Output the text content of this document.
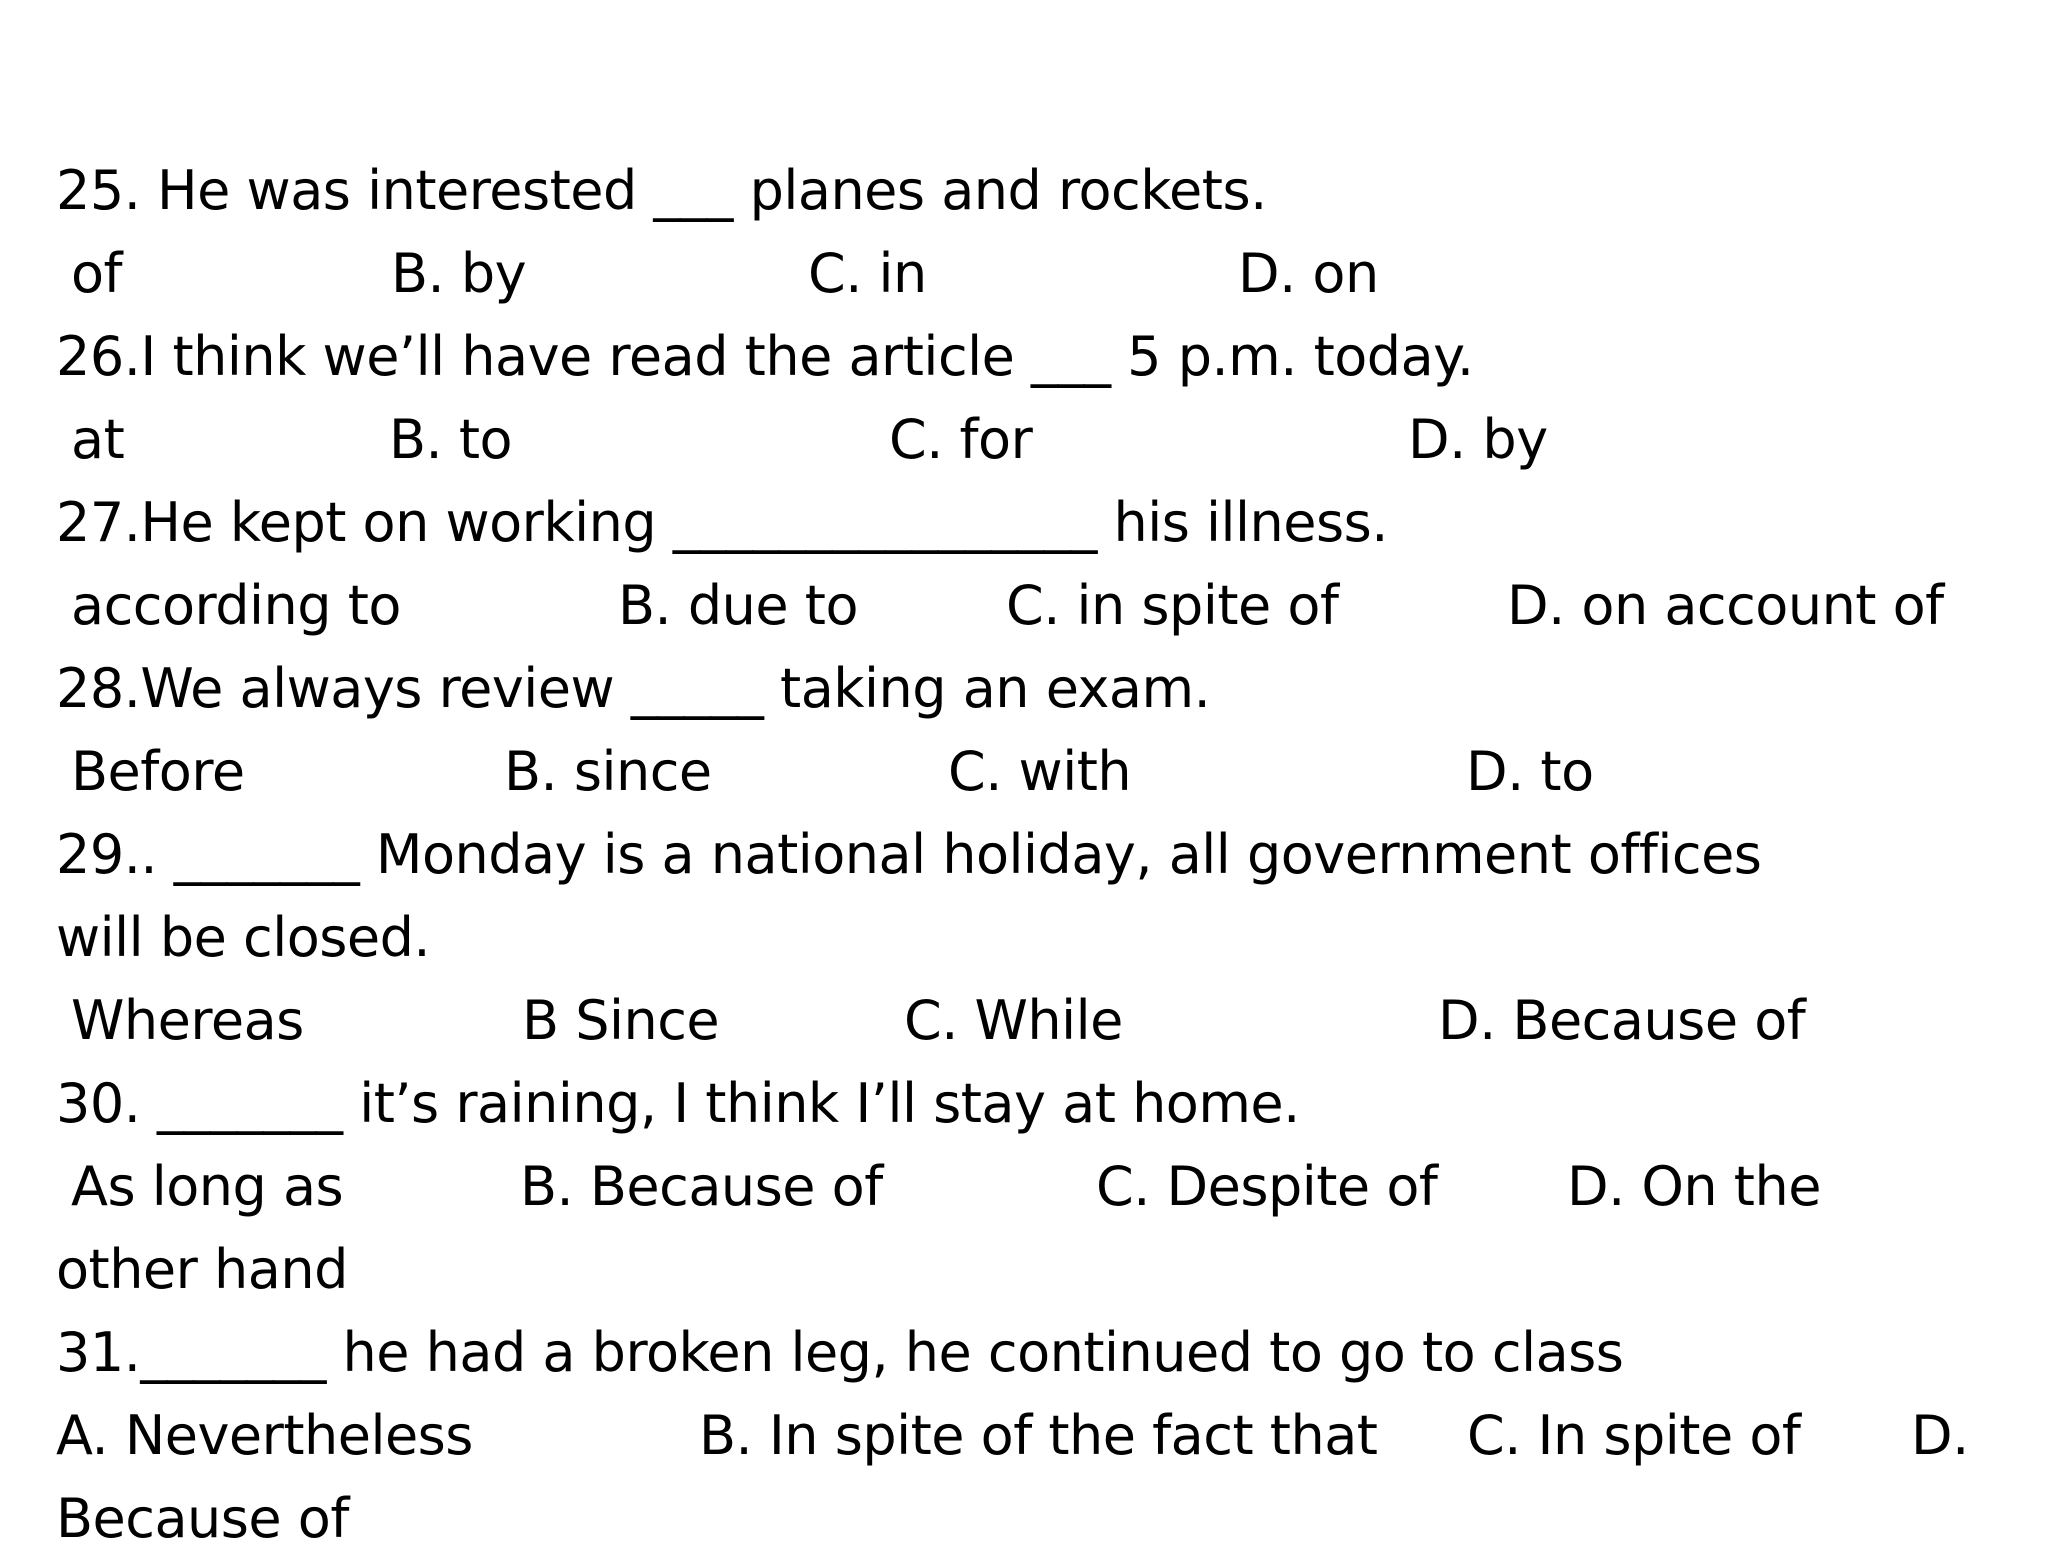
25. He was interested ___ planes and rockets.
of	B. by	C. in	D. on
26.I think we’ll have read the article ___ 5 p.m. today.
at	B. to	C. for	D. by
27.He kept on working ________________ his illness.
according to	B. due to	C. in spite of	D. on account of
28.We always review _____ taking an exam.
Before	B. since	C. with	D. to
29.. _______ Monday is a national holiday, all government offices
will be closed.
Whereas	B Since	C. While	D. Because of
30. _______ it’s raining, I think I’ll stay at home.
As long as	B. Because of	C. Despite of D. On the
other hand
31._______ he had a broken leg, he continued to go to class
A. Nevertheless	B. In spite of the fact that C. In spite of D.
Because of
